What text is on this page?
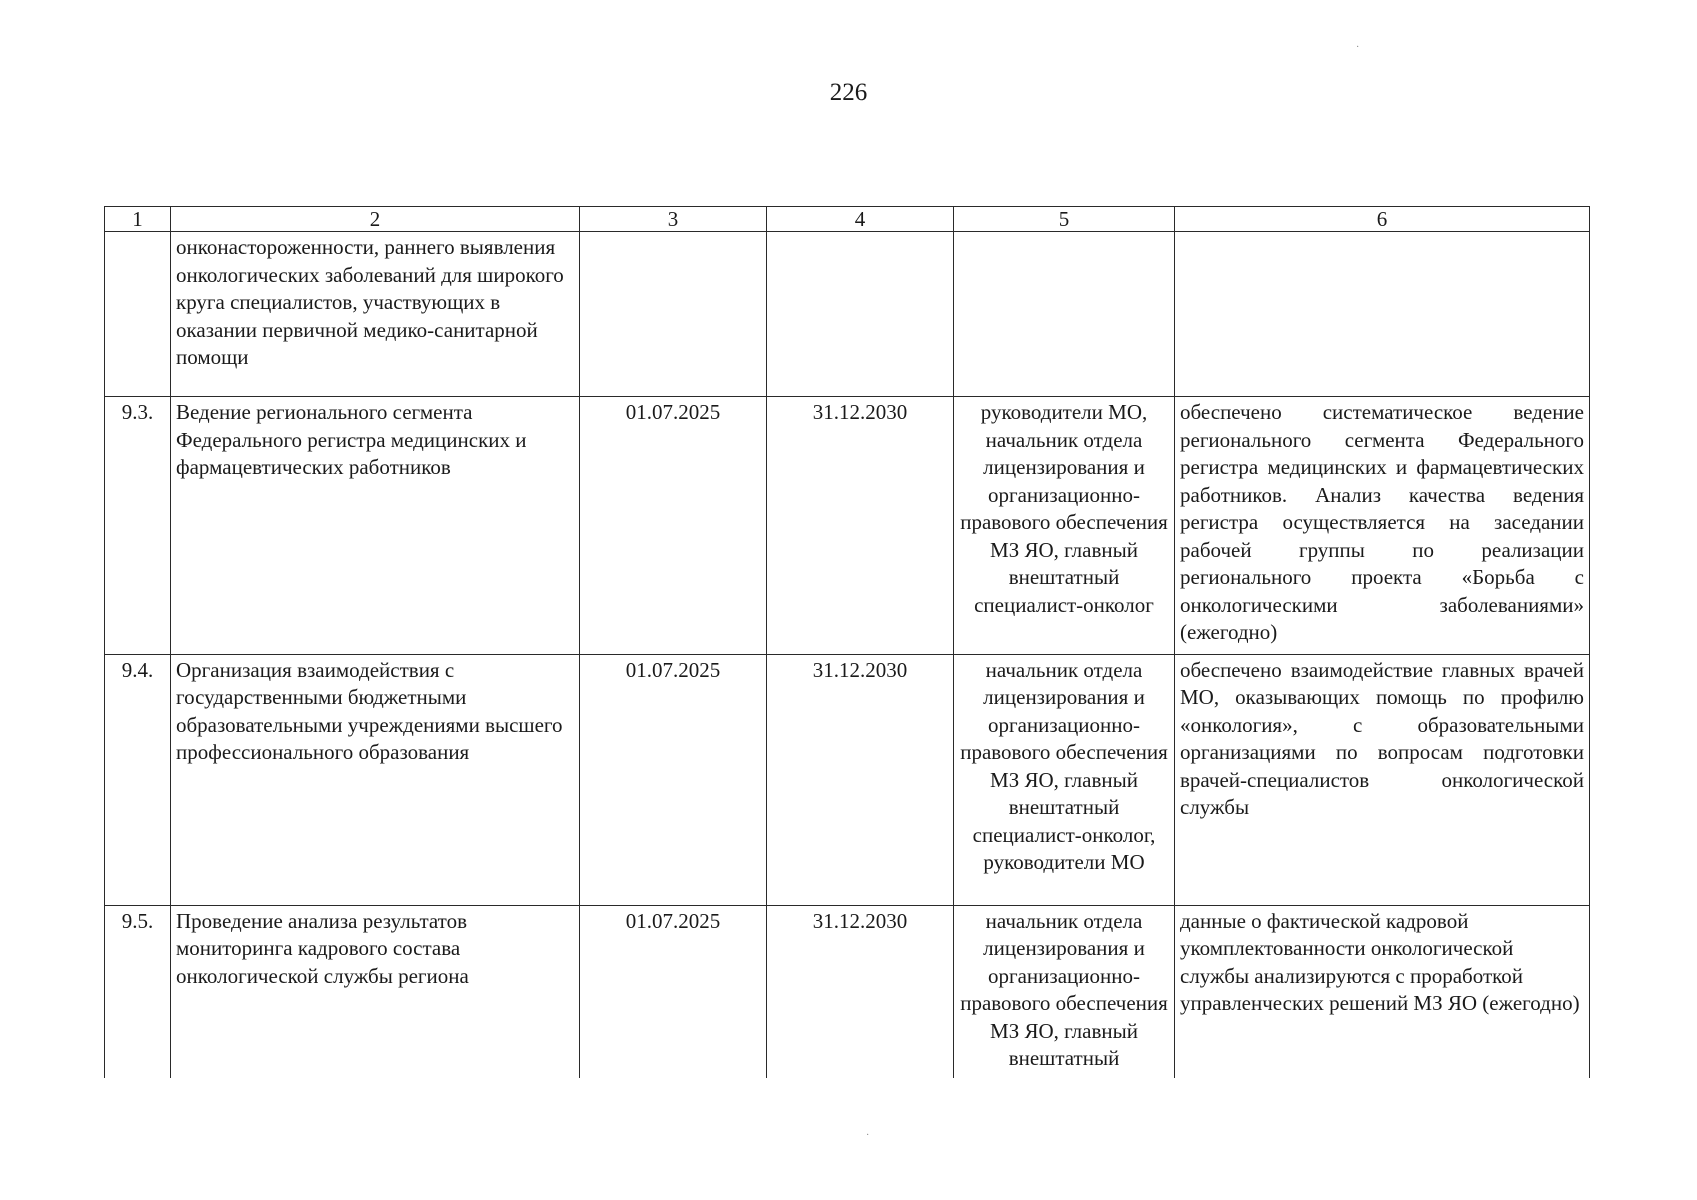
226
1	2	3	4	5	6
	онконастороженности, раннего выявления онкологических заболеваний для широкого круга специалистов, участвующих в оказании первичной медико-санитарной помощи				
9.3.	Ведение регионального сегмента Федерального регистра медицинских и фармацевтических работников	01.07.2025	31.12.2030	руководители МО, начальник отдела лицензирования и организационно-правового обеспечения МЗ ЯО, главный внештатный специалист-онколог	обеспечено систематическое ведение регионального сегмента Федерального регистра медицинских и фармацевтических работников. Анализ качества ведения регистра осуществляется на заседании рабочей группы по реализации регионального проекта «Борьба с онкологическими заболеваниями» (ежегодно)
9.4.	Организация взаимодействия с государственными бюджетными образовательными учреждениями высшего профессионального образования	01.07.2025	31.12.2030	начальник отдела лицензирования и организационно-правового обеспечения МЗ ЯО, главный внештатный специалист-онколог, руководители МО	обеспечено взаимодействие главных врачей МО, оказывающих помощь по профилю «онкология», с образовательными организациями по вопросам подготовки врачей-специалистов онкологической службы
9.5.	Проведение анализа результатов мониторинга кадрового состава онкологической службы региона	01.07.2025	31.12.2030	начальник отдела лицензирования и организационно-правового обеспечения МЗ ЯО, главный внештатный	данные о фактической кадровой укомплектованности онкологической службы анализируются с проработкой управленческих решений МЗ ЯО (ежегодно)
·
·
